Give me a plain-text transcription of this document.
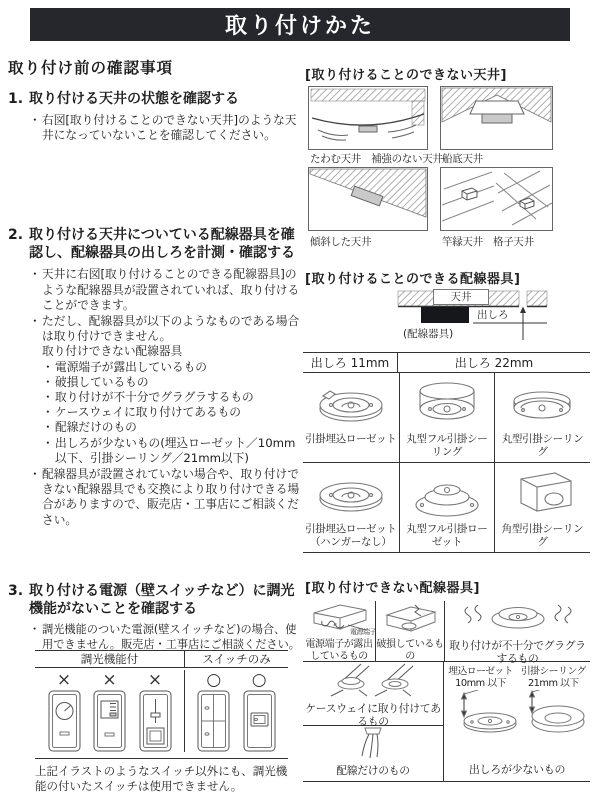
取り付けかた
取り付け前の確認事項
1. 取り付ける天井の状態を確認する
・
右図[取り付けることのできない天井]のような天井になっていないことを確認してください。
2. 取り付ける天井についている配線器具を確認し、配線器具の出しろを計測・確認する
・
天井に右図[取り付けることのできる配線器具]のような配線器具が設置されていれば、取り付けることができます。
・
ただし、配線器具が以下のようなものである場合は取り付けできません。
取り付けできない配線器具
・
電源端子が露出しているもの
・
破損しているもの
・
取り付けが不十分でグラグラするもの
・
ケースウェイに取り付けてあるもの
・
配線だけのもの
・
出しろが少ないもの(埋込ローゼット／10mm以下、引掛シーリング／21mm以下)
・
配線器具が設置されていない場合や、取り付けできない配線器具でも交換により取り付けできる場合がありますので、販売店・工事店にご相談ください。
3. 取り付ける電源（壁スイッチなど）に調光機能がないことを確認する
・
調光機能のついた電源(壁スイッチなど)の場合、使用できません。販売店・工事店にご相談ください。
調光機能付	スイッチのみ
× × ×	○ ○
上記イラストのようなスイッチ以外にも、調光機能の付いたスイッチは使用できません。
[取り付けることのできない天井]
たわむ天井　補強のない天井 船底天井
傾斜した天井	竿縁天井　格子天井
[取り付けることのできる配線器具]
天井
出しろ
(配線器具)
出しろ 11mm	出しろ 22mm
引掛埋込ローゼット 丸型フル引掛シーリング
丸型引掛シーリング
引掛埋込ローゼット（ハンガーなし）
丸型フル引掛ローゼット
角型引掛シーリング
[取り付けできない配線器具]
電源端子
電源端子が露出しているもの
破損しているもの
取り付けが不十分でグラグラするもの
ケースウェイに取り付けてあるもの
配線だけのもの
埋込ローゼット
10mm 以下
引掛シーリング
21mm 以下
出しろが少ないもの
